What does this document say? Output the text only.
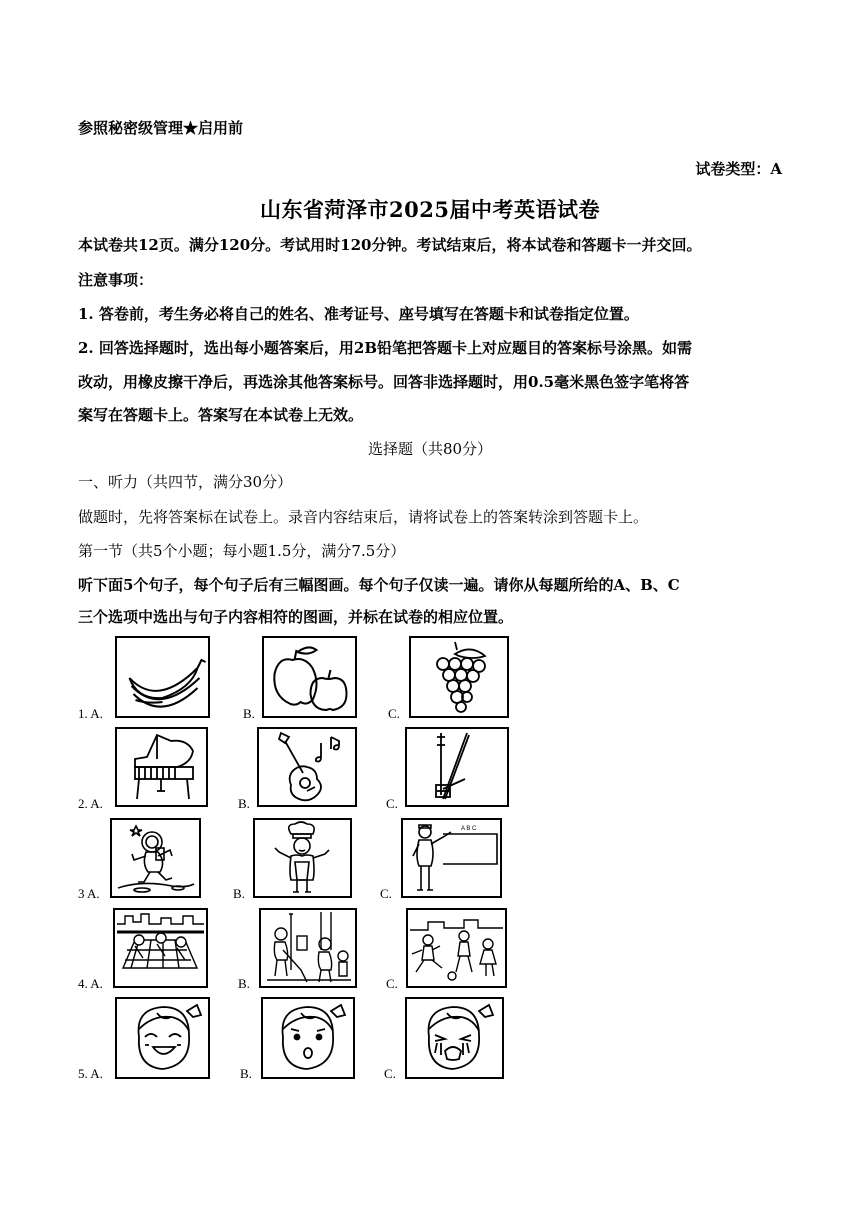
参照秘密级管理★启用前
试卷类型：A
山东省菏泽市2025届中考英语试卷
本试卷共12页。满分120分。考试用时120分钟。考试结束后，将本试卷和答题卡一并交回。
注意事项：
1. 答卷前，考生务必将自己的姓名、准考证号、座号填写在答题卡和试卷指定位置。
2. 回答选择题时，选出每小题答案后，用2B铅笔把答题卡上对应题目的答案标号涂黑。如需
改动，用橡皮擦干净后，再选涂其他答案标号。回答非选择题时，用0.5毫米黑色签字笔将答
案写在答题卡上。答案写在本试卷上无效。
选择题（共80分）
一、听力（共四节，满分30分）
做题时，先将答案标在试卷上。录音内容结束后，请将试卷上的答案转涂到答题卡上。
第一节（共5个小题；每小题1.5分，满分7.5分）
听下面5个句子，每个句子后有三幅图画。每个句子仅读一遍。请你从每题所给的A、B、C
三个选项中选出与句子内容相符的图画，并标在试卷的相应位置。
1. A.	B.	C.
2. A.	B.	C.
3 A.	B.	C.
A B C
4. A.	B.	C.
5. A.	B.	C.
